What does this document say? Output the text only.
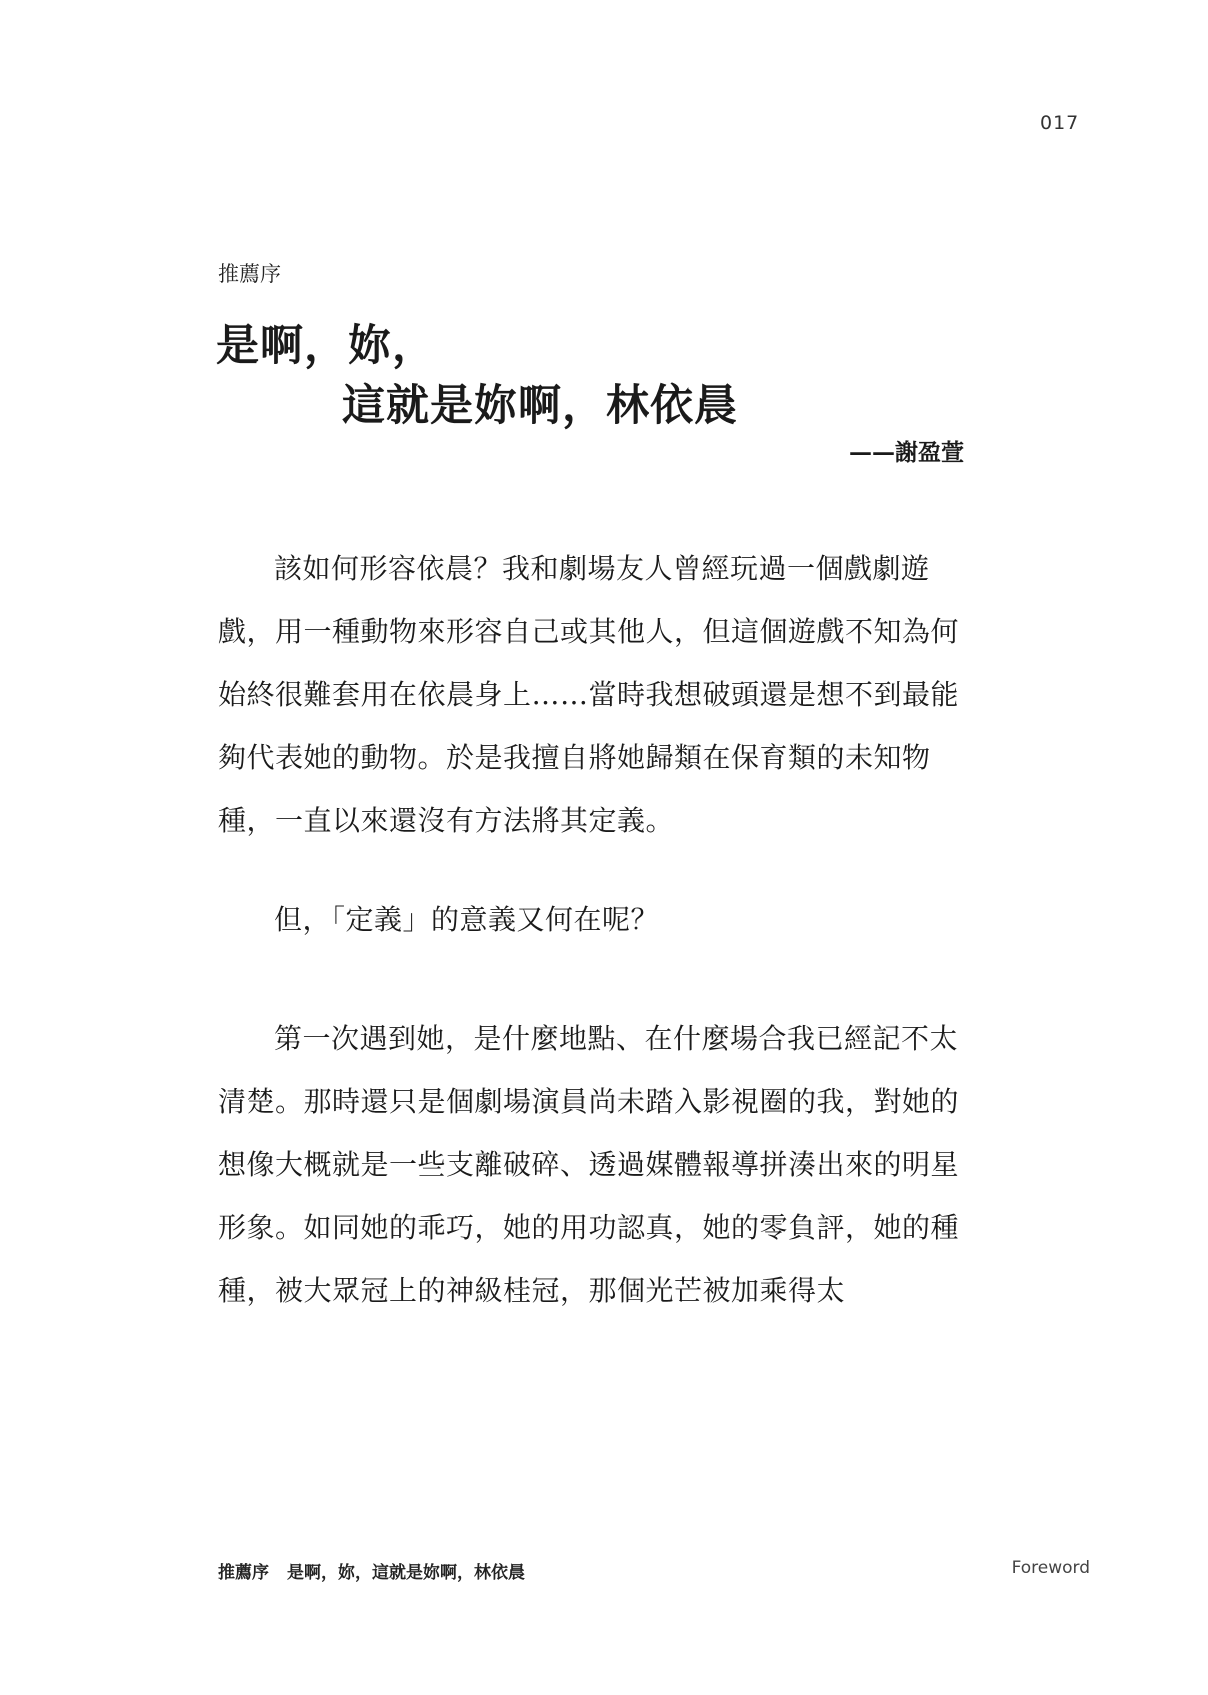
017
推薦序
是啊，妳，
這就是妳啊，林依晨
——謝盈萱

該如何形容依晨？我和劇場友人曾經玩過一個戲劇遊戲，用一種動物來形容自己或其他人，但這個遊戲不知為何始終很難套用在依晨身上……當時我想破頭還是想不到最能夠代表她的動物。於是我擅自將她歸類在保育類的未知物種，一直以來還沒有方法將其定義。

但，「定義」的意義又何在呢？

第一次遇到她，是什麼地點、在什麼場合我已經記不太清楚。那時還只是個劇場演員尚未踏入影視圈的我，對她的想像大概就是一些支離破碎、透過媒體報導拼湊出來的明星形象。如同她的乖巧，她的用功認真，她的零負評，她的種種，被大眾冠上的神級桂冠，那個光芒被加乘得太

推薦序 是啊，妳，這就是妳啊，林依晨	Foreword
